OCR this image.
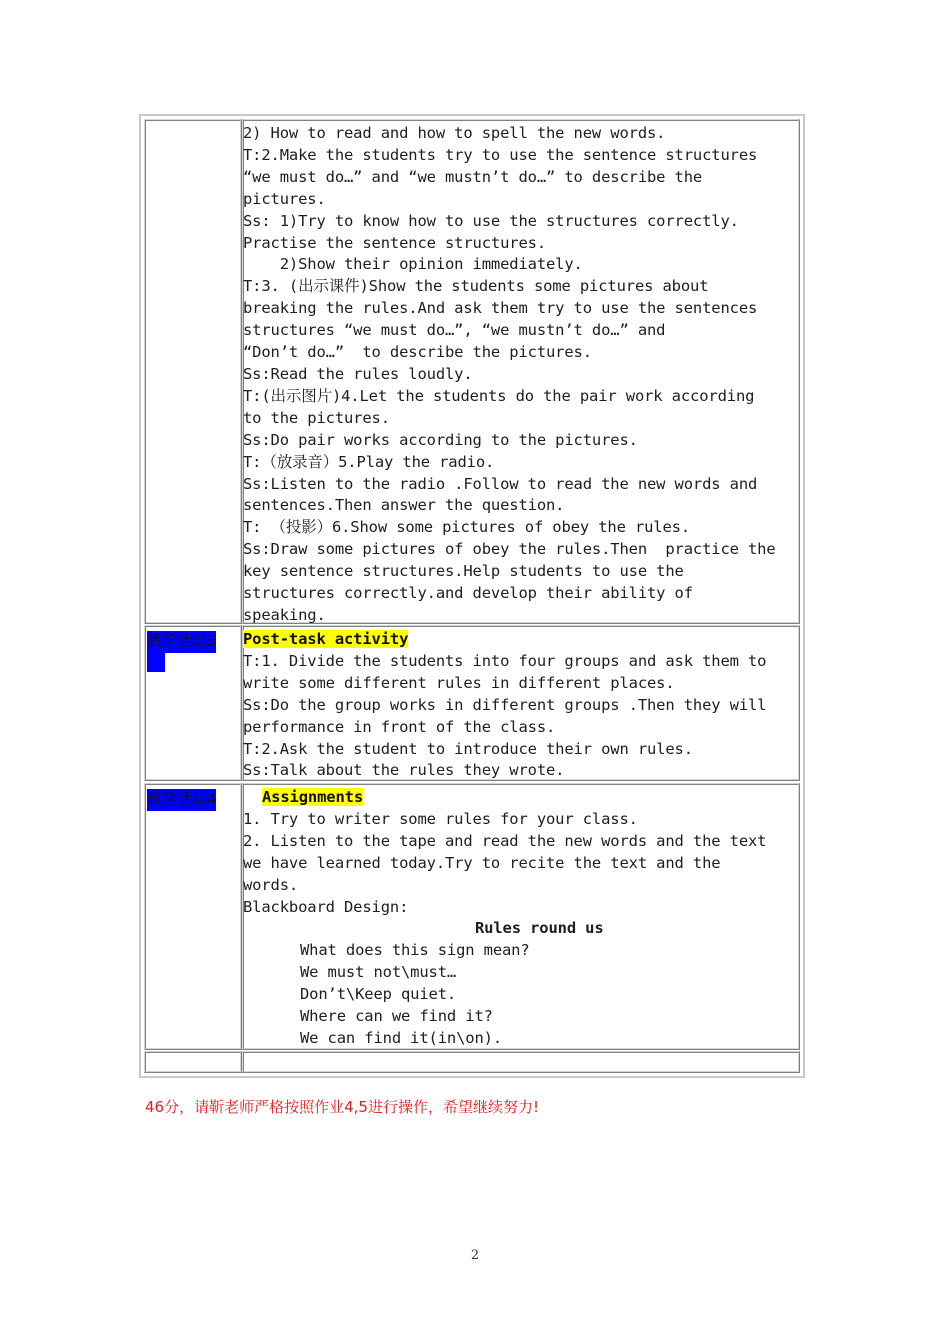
2) How to read and how to spell the new words.
T:2.Make the students try to use the sentence structures
“we must do…” and “we mustn’t do…” to describe the
pictures.
Ss: 1)Try to know how to use the structures correctly.
Practise the sentence structures.
2)Show their opinion immediately.
T:3. (出示课件)Show the students some pictures about
breaking the rules.And ask them try to use the sentences
structures “we must do…”, “we mustn’t do…” and
“Don’t do…”  to describe the pictures.
Ss:Read the rules loudly.
T:(出示图片)4.Let the students do the pair work according
to the pictures.
Ss:Do pair works according to the pictures.
T:（放录音）5.Play the radio.
Ss:Listen to the radio .Follow to read the new words and
sentences.Then answer the question.
T: （投影）6.Show some pictures of obey the rules.
Ss:Draw some pictures of obey the rules.Then  practice the
key sentence structures.Help students to use the
structures correctly.and develop their ability of
speaking.
教学活动3 Post-task activity
T:1. Divide the students into four groups and ask them to
write some different rules in different places.
Ss:Do the group works in different groups .Then they will
performance in front of the class.
T:2.Ask the student to introduce their own rules.
Ss:Talk about the rules they wrote.
教学活动4	Assignments
1. Try to writer some rules for your class.
2. Listen to the tape and read the new words and the text
we have learned today.Try to recite the text and the
words.
Blackboard Design:
Rules round us
What does this sign mean?
We must not\must…
Don’t\Keep quiet.
Where can we find it?
We can find it(in\on).
46分，请靳老师严格按照作业4,5进行操作，希望继续努力!
2
